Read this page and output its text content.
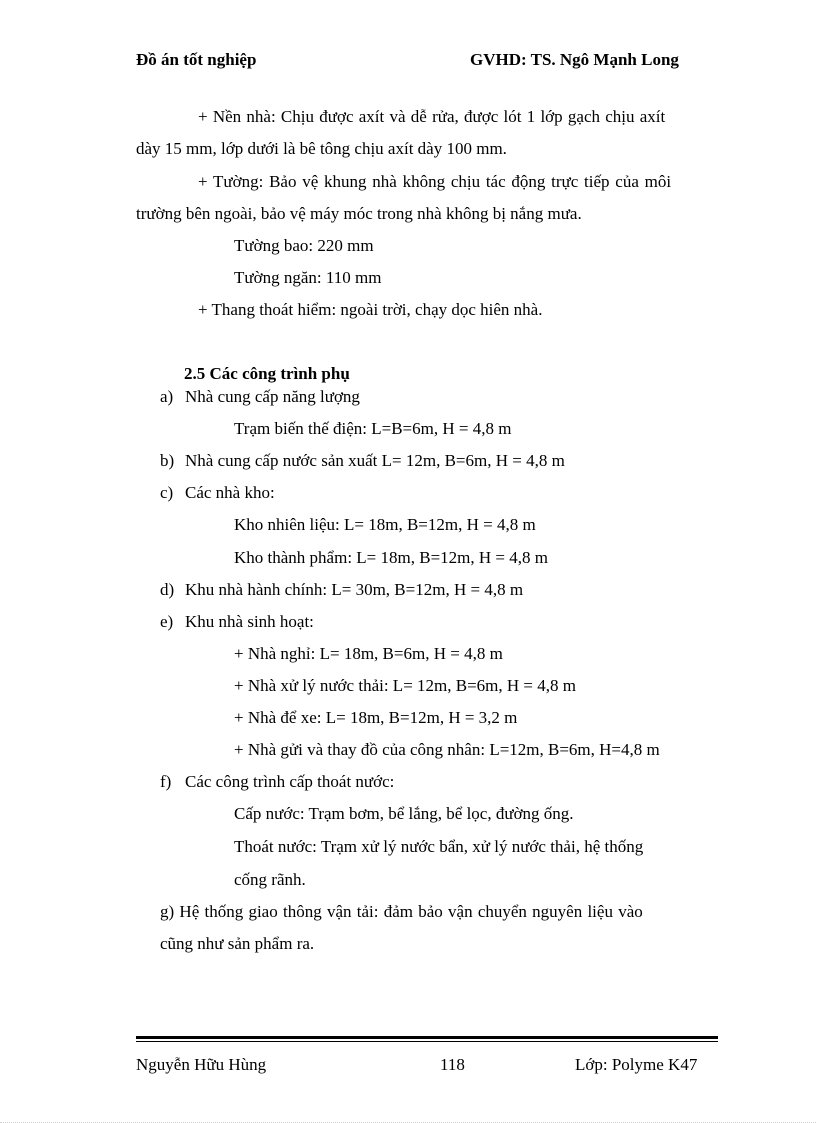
Đồ án tốt nghiệp	GVHD: TS. Ngô Mạnh Long
+ Nền nhà: Chịu được axít và dễ rửa, được lót 1 lớp gạch chịu axít
dày 15 mm, lớp dưới là bê tông chịu axít dày 100 mm.
+ Tường: Bảo vệ khung nhà không chịu tác động trực tiếp của môi
trường bên ngoài, bảo vệ máy móc trong nhà không bị nắng mưa.
Tường bao: 220 mm
Tường ngăn: 110 mm
+ Thang thoát hiểm: ngoài trời, chạy dọc hiên nhà.
2.5 Các công trình phụ
a) Nhà cung cấp năng lượng
Trạm biến thế điện: L=B=6m, H = 4,8 m
b) Nhà cung cấp nước sản xuất L= 12m, B=6m, H = 4,8 m
c) Các nhà kho:
Kho nhiên liệu: L= 18m, B=12m, H = 4,8 m
Kho thành phẩm: L= 18m, B=12m, H = 4,8 m
d) Khu nhà hành chính: L= 30m, B=12m, H = 4,8 m
e) Khu nhà sinh hoạt:
+ Nhà nghỉ: L= 18m, B=6m, H = 4,8 m
+ Nhà xử lý nước thải: L= 12m, B=6m, H = 4,8 m
+ Nhà để xe: L= 18m, B=12m, H = 3,2 m
+ Nhà gửi và thay đồ của công nhân: L=12m, B=6m, H=4,8 m
f) Các công trình cấp thoát nước:
Cấp nước: Trạm bơm, bể lắng, bể lọc, đường ống.
Thoát nước: Trạm xử lý nước bẩn, xử lý nước thải, hệ thống
cống rãnh.
g) Hệ thống giao thông vận tải: đảm bảo vận chuyển nguyên liệu vào
cũng như sản phẩm ra.
Nguyễn Hữu Hùng	118	Lớp: Polyme K47
